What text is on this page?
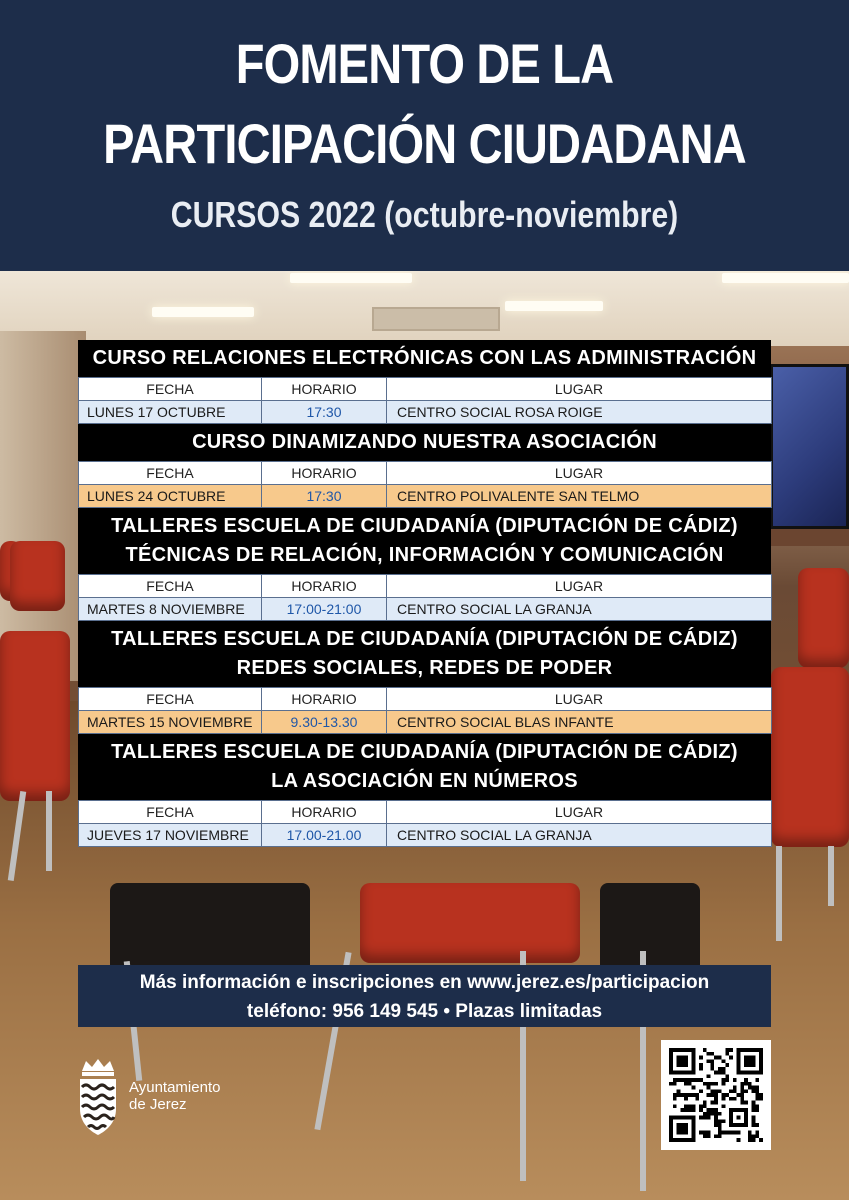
FOMENTO DE LA
PARTICIPACIÓN CIUDADANA
CURSOS 2022 (octubre-noviembre)
CURSO RELACIONES ELECTRÓNICAS CON LAS ADMINISTRACIÓN
FECHA	HORARIO	LUGAR
LUNES 17 OCTUBRE	17:30	CENTRO SOCIAL ROSA ROIGE
CURSO DINAMIZANDO NUESTRA ASOCIACIÓN
FECHA	HORARIO	LUGAR
LUNES 24 OCTUBRE	17:30	CENTRO POLIVALENTE SAN TELMO
TALLERES ESCUELA DE CIUDADANÍA (DIPUTACIÓN DE CÁDIZ)
TÉCNICAS DE RELACIÓN, INFORMACIÓN Y COMUNICACIÓN
FECHA	HORARIO	LUGAR
MARTES 8 NOVIEMBRE	17:00-21:00	CENTRO SOCIAL LA GRANJA
TALLERES ESCUELA DE CIUDADANÍA (DIPUTACIÓN DE CÁDIZ)
REDES SOCIALES, REDES DE PODER
FECHA	HORARIO	LUGAR
MARTES 15 NOVIEMBRE	9.30-13.30	CENTRO SOCIAL BLAS INFANTE
TALLERES ESCUELA DE CIUDADANÍA (DIPUTACIÓN DE CÁDIZ)
LA ASOCIACIÓN EN NÚMEROS
FECHA	HORARIO	LUGAR
JUEVES 17 NOVIEMBRE	17.00-21.00	CENTRO SOCIAL LA GRANJA
Más información e inscripciones en www.jerez.es/participacion
teléfono: 956 149 545 • Plazas limitadas
Ayuntamiento
de Jerez
